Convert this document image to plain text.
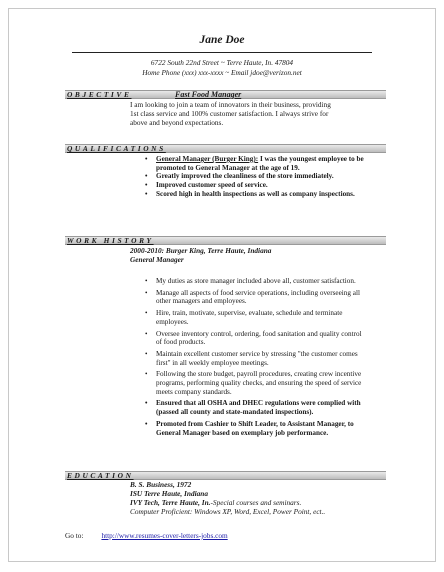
Jane Doe
6722 South 22nd Street ~ Terre Haute, In. 47804
Home Phone (xxx) xxx-xxxx ~ Email jdoe@verizon.net
OBJECTIVE	Fast Food Manager
I am looking to join a team of innovators in their business, providing
1st class service and 100% customer satisfaction. I always strive for
above and beyond expectations.
QUALIFICATIONS
• General Manager (Burger King): I was the youngest employee to be promoted to General Manager at the age of 19.
• Greatly improved the cleanliness of the store immediately.
• Improved customer speed of service.
• Scored high in health inspections as well as company inspections.
WORK HISTORY
2000-2010: Burger King, Terre Haute, Indiana
General Manager
• My duties as store manager included above all, customer satisfaction.
• Manage all aspects of food service operations, including overseeing all other managers and employees.
• Hire, train, motivate, supervise, evaluate, schedule and terminate employees.
• Oversee inventory control, ordering, food sanitation and quality control of food products.
• Maintain excellent customer service by stressing "the customer comes first" in all weekly employee meetings.
• Following the store budget, payroll procedures, creating crew incentive programs, performing quality checks, and ensuring the speed of service meets company standards.
• Ensured that all OSHA and DHEC regulations were complied with (passed all county and state-mandated inspections).
• Promoted from Cashier to Shift Leader, to Assistant Manager, to General Manager based on exemplary job performance.
EDUCATION
B. S. Business, 1972
ISU Terre Haute, Indiana
IVY Tech, Terre Haute, In.-Special courses and seminars.
Computer Proficient: Windows XP, Word, Excel, Power Point, ect..
Go to: http://www.resumes-cover-letters-jobs.com
